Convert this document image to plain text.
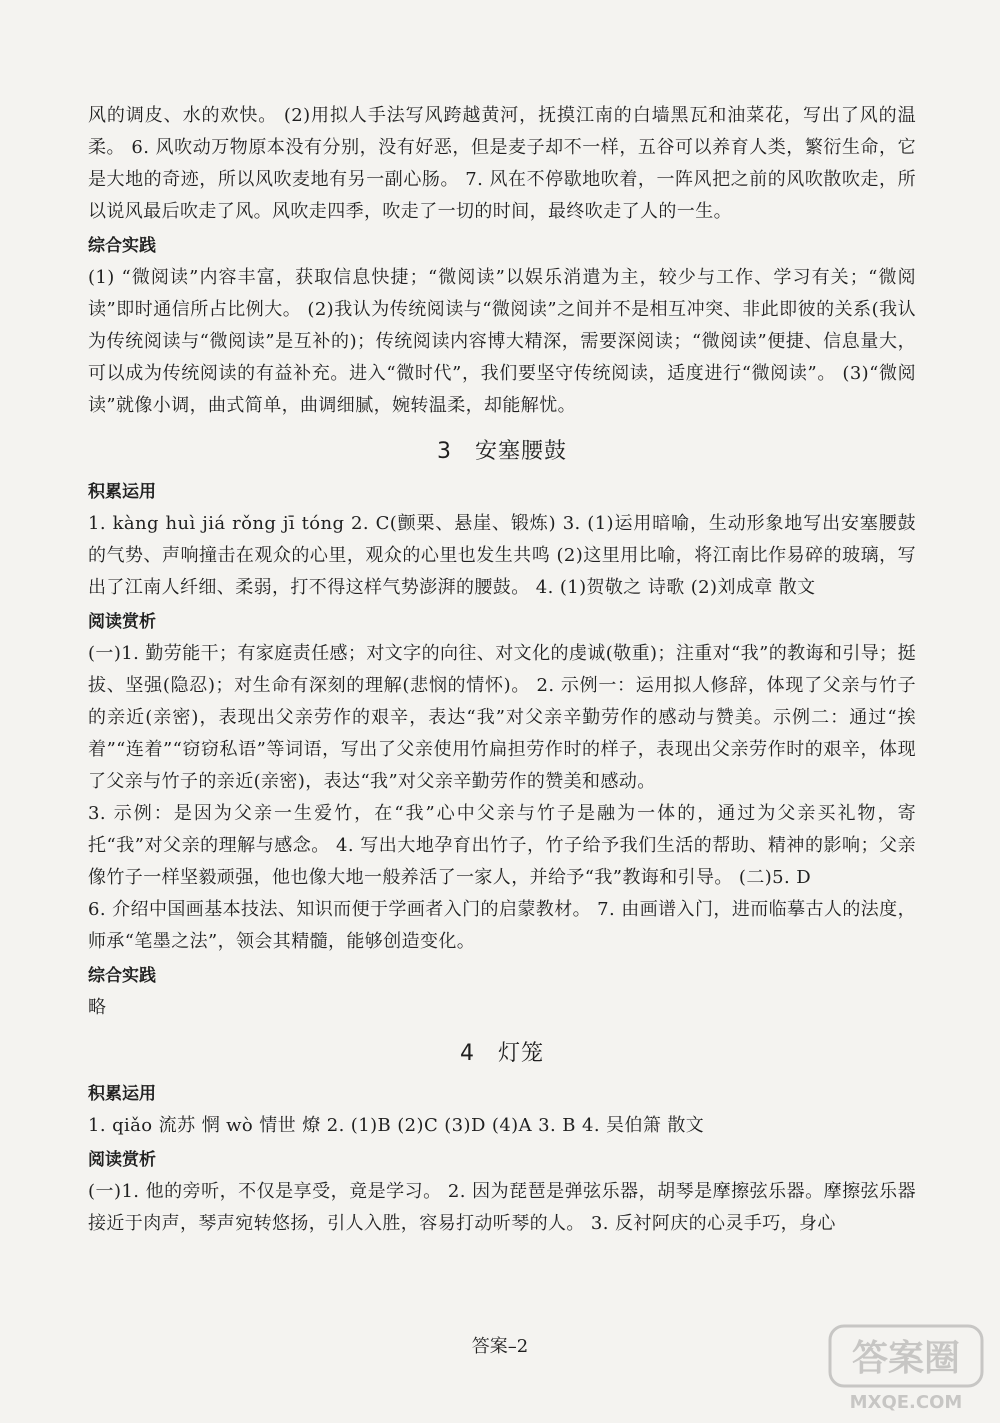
风的调皮、水的欢快。 (2)用拟人手法写风跨越黄河，抚摸江南的白墙黑瓦和油菜花，写出了风的温柔。 6. 风吹动万物原本没有分别，没有好恶，但是麦子却不一样，五谷可以养育人类，繁衍生命，它是大地的奇迹，所以风吹麦地有另一副心肠。 7. 风在不停歇地吹着，一阵风把之前的风吹散吹走，所以说风最后吹走了风。风吹走四季，吹走了一切的时间，最终吹走了人的一生。

综合实践

(1) “微阅读”内容丰富，获取信息快捷；“微阅读”以娱乐消遣为主，较少与工作、学习有关；“微阅读”即时通信所占比例大。 (2)我认为传统阅读与“微阅读”之间并不是相互冲突、非此即彼的关系(我认为传统阅读与“微阅读”是互补的)；传统阅读内容博大精深，需要深阅读；“微阅读”便捷、信息量大，可以成为传统阅读的有益补充。进入“微时代”，我们要坚守传统阅读，适度进行“微阅读”。 (3)“微阅读”就像小调，曲式简单，曲调细腻，婉转温柔，却能解忧。

3　安塞腰鼓
积累运用

1. kàng huì jiá rǒng jī tóng 2. C(颤栗、悬崖、锻炼) 3. (1)运用暗喻，生动形象地写出安塞腰鼓的气势、声响撞击在观众的心里，观众的心里也发生共鸣 (2)这里用比喻，将江南比作易碎的玻璃，写出了江南人纤细、柔弱，打不得这样气势澎湃的腰鼓。 4. (1)贺敬之 诗歌 (2)刘成章 散文

阅读赏析

(一)1. 勤劳能干；有家庭责任感；对文字的向往、对文化的虔诚(敬重)；注重对“我”的教诲和引导；挺拔、坚强(隐忍)；对生命有深刻的理解(悲悯的情怀)。 2. 示例一：运用拟人修辞，体现了父亲与竹子的亲近(亲密)，表现出父亲劳作的艰辛，表达“我”对父亲辛勤劳作的感动与赞美。示例二：通过“挨着”“连着”“窃窃私语”等词语，写出了父亲使用竹扁担劳作时的样子，表现出父亲劳作时的艰辛，体现了父亲与竹子的亲近(亲密)，表达“我”对父亲辛勤劳作的赞美和感动。

3. 示例：是因为父亲一生爱竹，在“我”心中父亲与竹子是融为一体的，通过为父亲买礼物，寄托“我”对父亲的理解与感念。 4. 写出大地孕育出竹子，竹子给予我们生活的帮助、精神的影响；父亲像竹子一样坚毅顽强，他也像大地一般养活了一家人，并给予“我”教诲和引导。 (二)5. D

6. 介绍中国画基本技法、知识而便于学画者入门的启蒙教材。 7. 由画谱入门，进而临摹古人的法度，师承“笔墨之法”，领会其精髓，能够创造变化。

综合实践

略

4　灯笼
积累运用

1. qiǎo 流苏 惘 wò 情世 燎 2. (1)B (2)C (3)D (4)A 3. B 4. 吴伯箫 散文

阅读赏析

(一)1. 他的旁听，不仅是享受，竟是学习。 2. 因为琵琶是弹弦乐器，胡琴是摩擦弦乐器。摩擦弦乐器接近于肉声，琴声宛转悠扬，引人入胜，容易打动听琴的人。 3. 反衬阿庆的心灵手巧，身心

答案–2	答案圈
MXQE.COM
